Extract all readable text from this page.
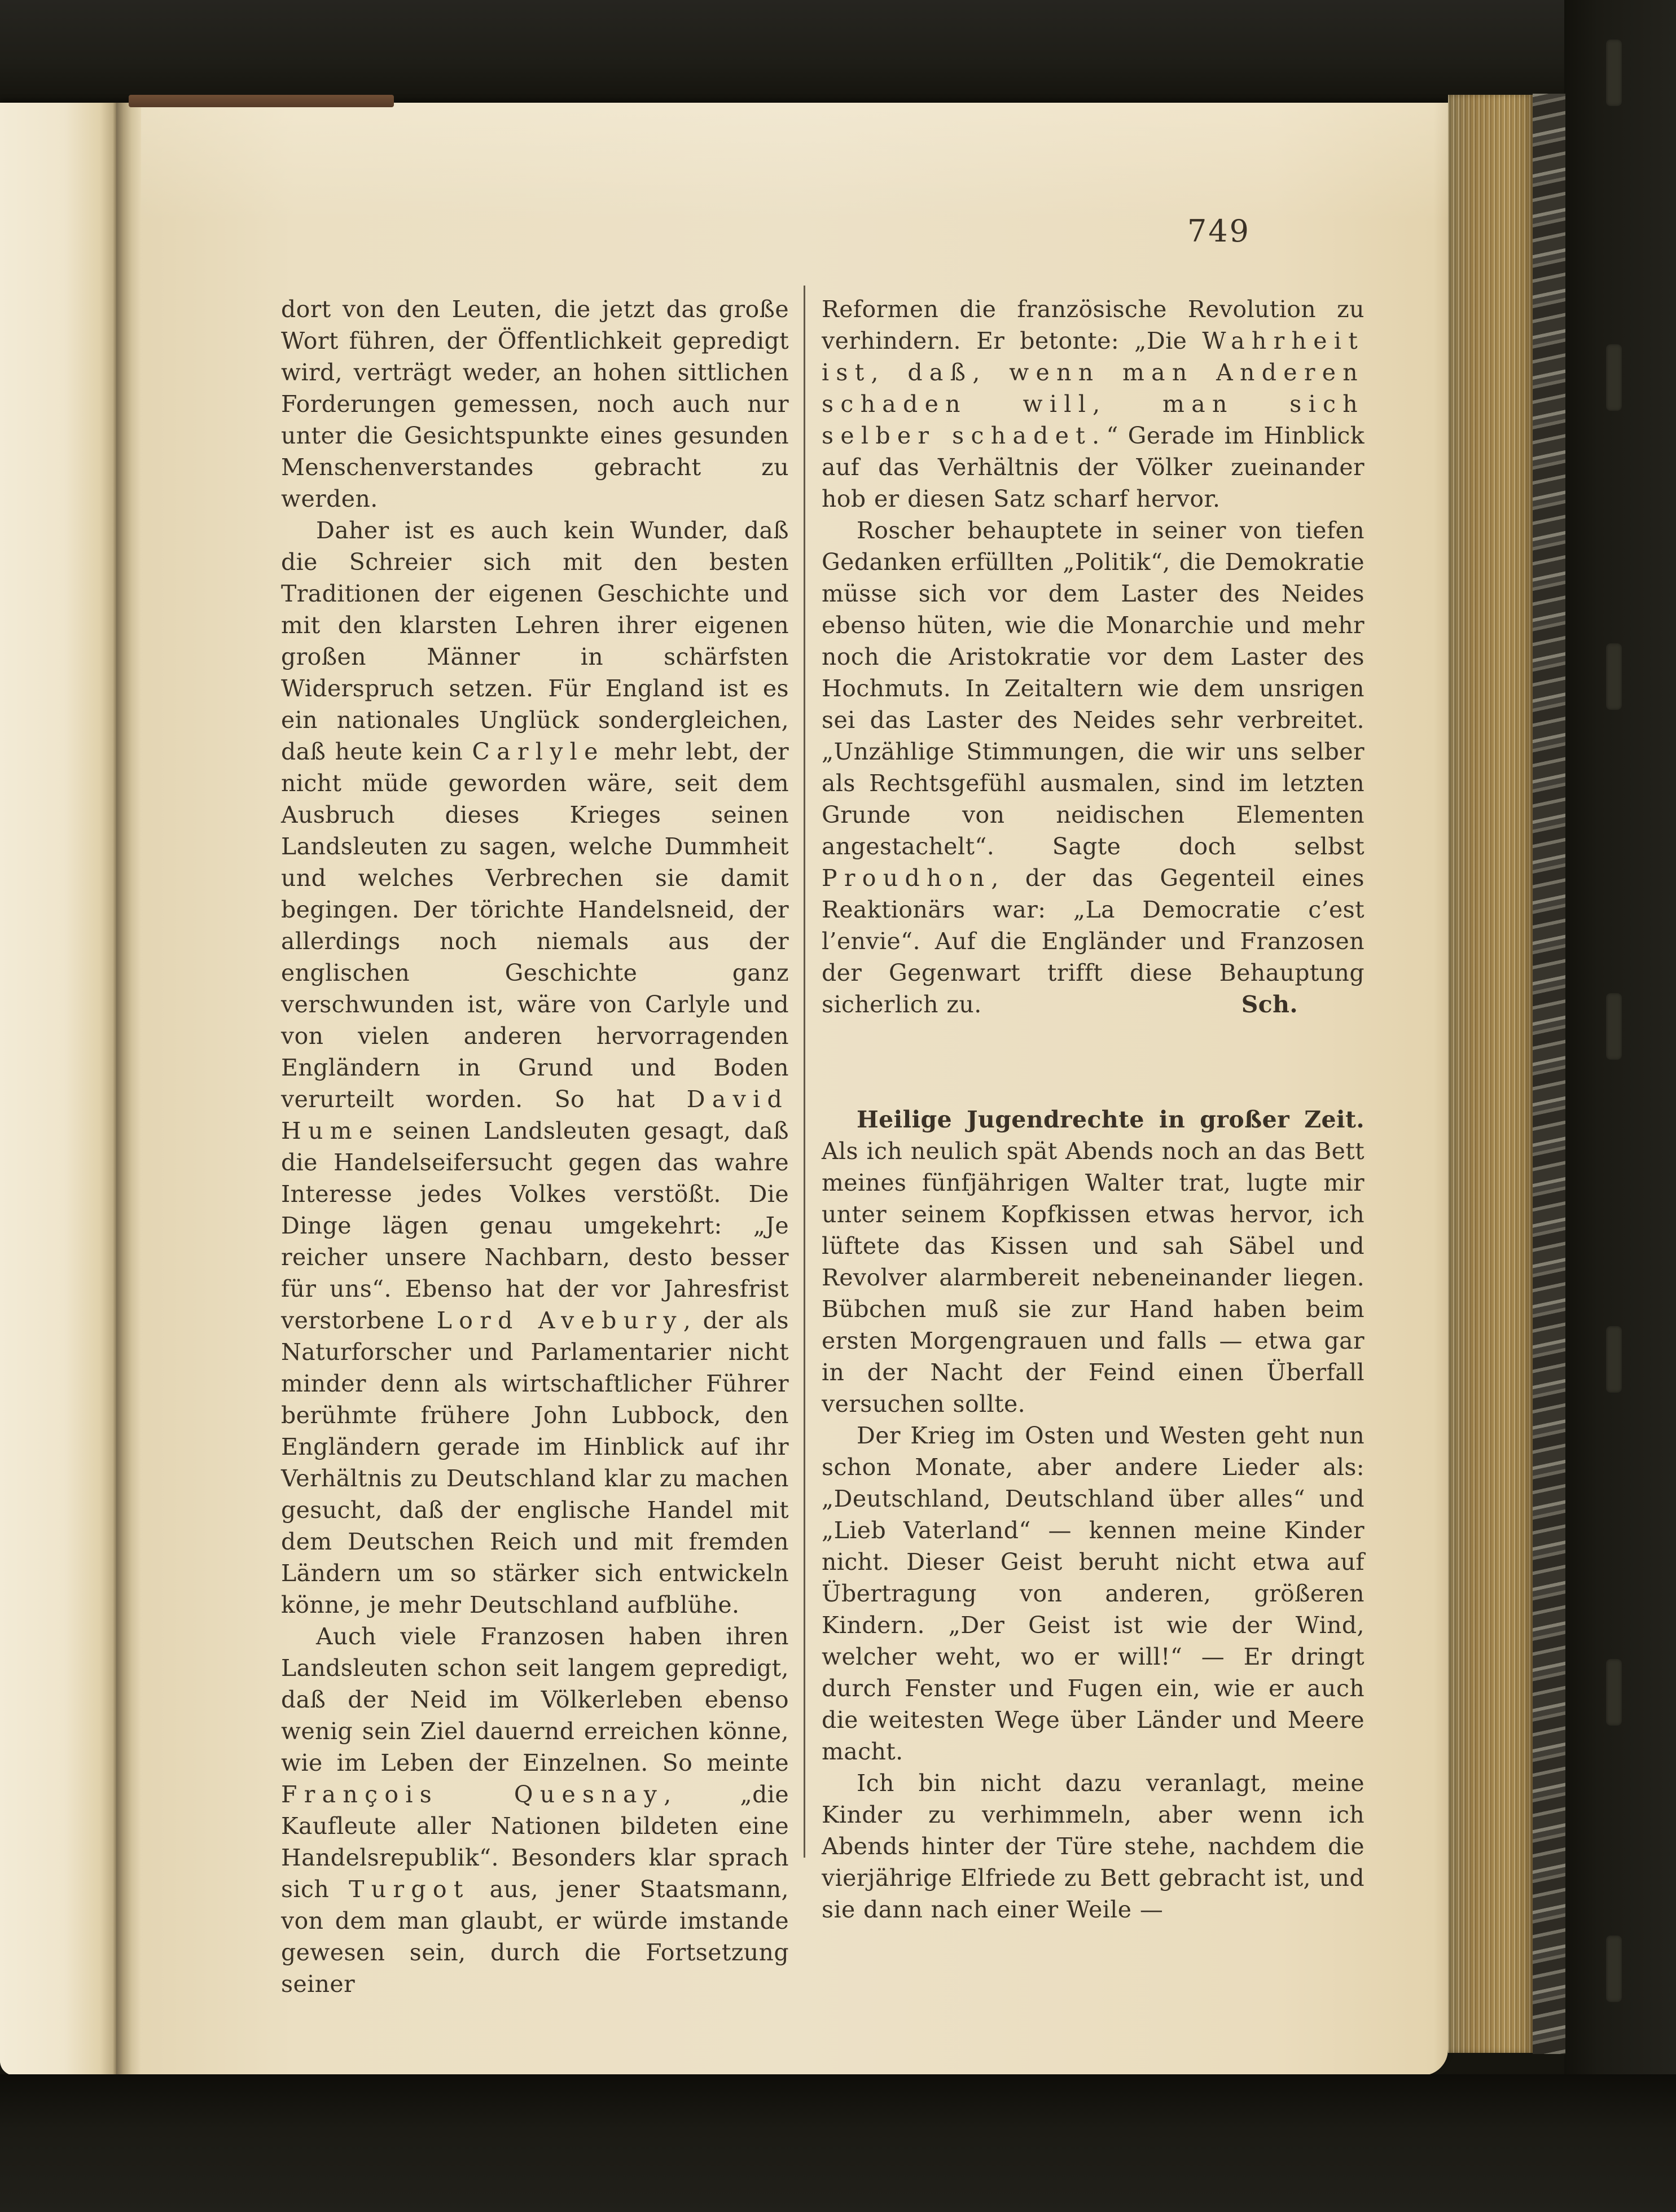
749

dort von den Leuten, die jetzt das große Wort führen, der Öffentlichkeit gepredigt wird, verträgt weder, an hohen sittlichen Forderungen gemessen, noch auch nur unter die Gesichtspunkte eines gesunden Menschenverstandes gebracht zu werden.

Daher ist es auch kein Wunder, daß die Schreier sich mit den besten Traditionen der eigenen Geschichte und mit den klarsten Lehren ihrer eigenen großen Männer in schärfsten Widerspruch setzen. Für England ist es ein nationales Unglück sondergleichen, daß heute kein Carlyle mehr lebt, der nicht müde geworden wäre, seit dem Ausbruch dieses Krieges seinen Landsleuten zu sagen, welche Dummheit und welches Verbrechen sie damit begingen. Der törichte Handelsneid, der allerdings noch niemals aus der englischen Geschichte ganz verschwunden ist, wäre von Carlyle und von vielen anderen hervorragenden Engländern in Grund und Boden verurteilt worden. So hat David Hume seinen Landsleuten gesagt, daß die Handelseifersucht gegen das wahre Interesse jedes Volkes verstößt. Die Dinge lägen genau umgekehrt: „Je reicher unsere Nachbarn, desto besser für uns“. Ebenso hat der vor Jahresfrist verstorbene Lord Avebury, der als Naturforscher und Parlamentarier nicht minder denn als wirtschaftlicher Führer berühmte frühere John Lubbock, den Engländern gerade im Hinblick auf ihr Verhältnis zu Deutschland klar zu machen gesucht, daß der englische Handel mit dem Deutschen Reich und mit fremden Ländern um so stärker sich entwickeln könne, je mehr Deutschland aufblühe.

Auch viele Franzosen haben ihren Landsleuten schon seit langem gepredigt, daß der Neid im Völkerleben ebenso wenig sein Ziel dauernd erreichen könne, wie im Leben der Einzelnen. So meinte François Quesnay, „die Kaufleute aller Nationen bildeten eine Handelsrepublik“. Besonders klar sprach sich Turgot aus, jener Staatsmann, von dem man glaubt, er würde imstande gewesen sein, durch die Fortsetzung seiner

Reformen die französische Revolution zu verhindern. Er betonte: „Die Wahrheit ist, daß, wenn man Anderen schaden will, man sich selber schadet.“ Gerade im Hinblick auf das Verhältnis der Völker zueinander hob er diesen Satz scharf hervor.

Roscher behauptete in seiner von tiefen Gedanken erfüllten „Politik“, die Demokratie müsse sich vor dem Laster des Neides ebenso hüten, wie die Monarchie und mehr noch die Aristokratie vor dem Laster des Hochmuts. In Zeitaltern wie dem unsrigen sei das Laster des Neides sehr verbreitet. „Unzählige Stimmungen, die wir uns selber als Rechtsgefühl ausmalen, sind im letzten Grunde von neidischen Elementen angestachelt“. Sagte doch selbst Proudhon, der das Gegenteil eines Reaktionärs war: „La Democratie c’est l’envie“. Auf die Engländer und Franzosen der Gegenwart trifft diese Behauptung sicherlich zu.	Sch.

Heilige Jugendrechte in großer Zeit. Als ich neulich spät Abends noch an das Bett meines fünfjährigen Walter trat, lugte mir unter seinem Kopfkissen etwas hervor, ich lüftete das Kissen und sah Säbel und Revolver alarmbereit nebeneinander liegen. Bübchen muß sie zur Hand haben beim ersten Morgengrauen und falls — etwa gar in der Nacht der Feind einen Überfall versuchen sollte.

Der Krieg im Osten und Westen geht nun schon Monate, aber andere Lieder als: „Deutschland, Deutschland über alles“ und „Lieb Vaterland“ — kennen meine Kinder nicht. Dieser Geist beruht nicht etwa auf Übertragung von anderen, größeren Kindern. „Der Geist ist wie der Wind, welcher weht, wo er will!“ — Er dringt durch Fenster und Fugen ein, wie er auch die weitesten Wege über Länder und Meere macht.

Ich bin nicht dazu veranlagt, meine Kinder zu verhimmeln, aber wenn ich Abends hinter der Türe stehe, nachdem die vierjährige Elfriede zu Bett gebracht ist, und sie dann nach einer Weile —
